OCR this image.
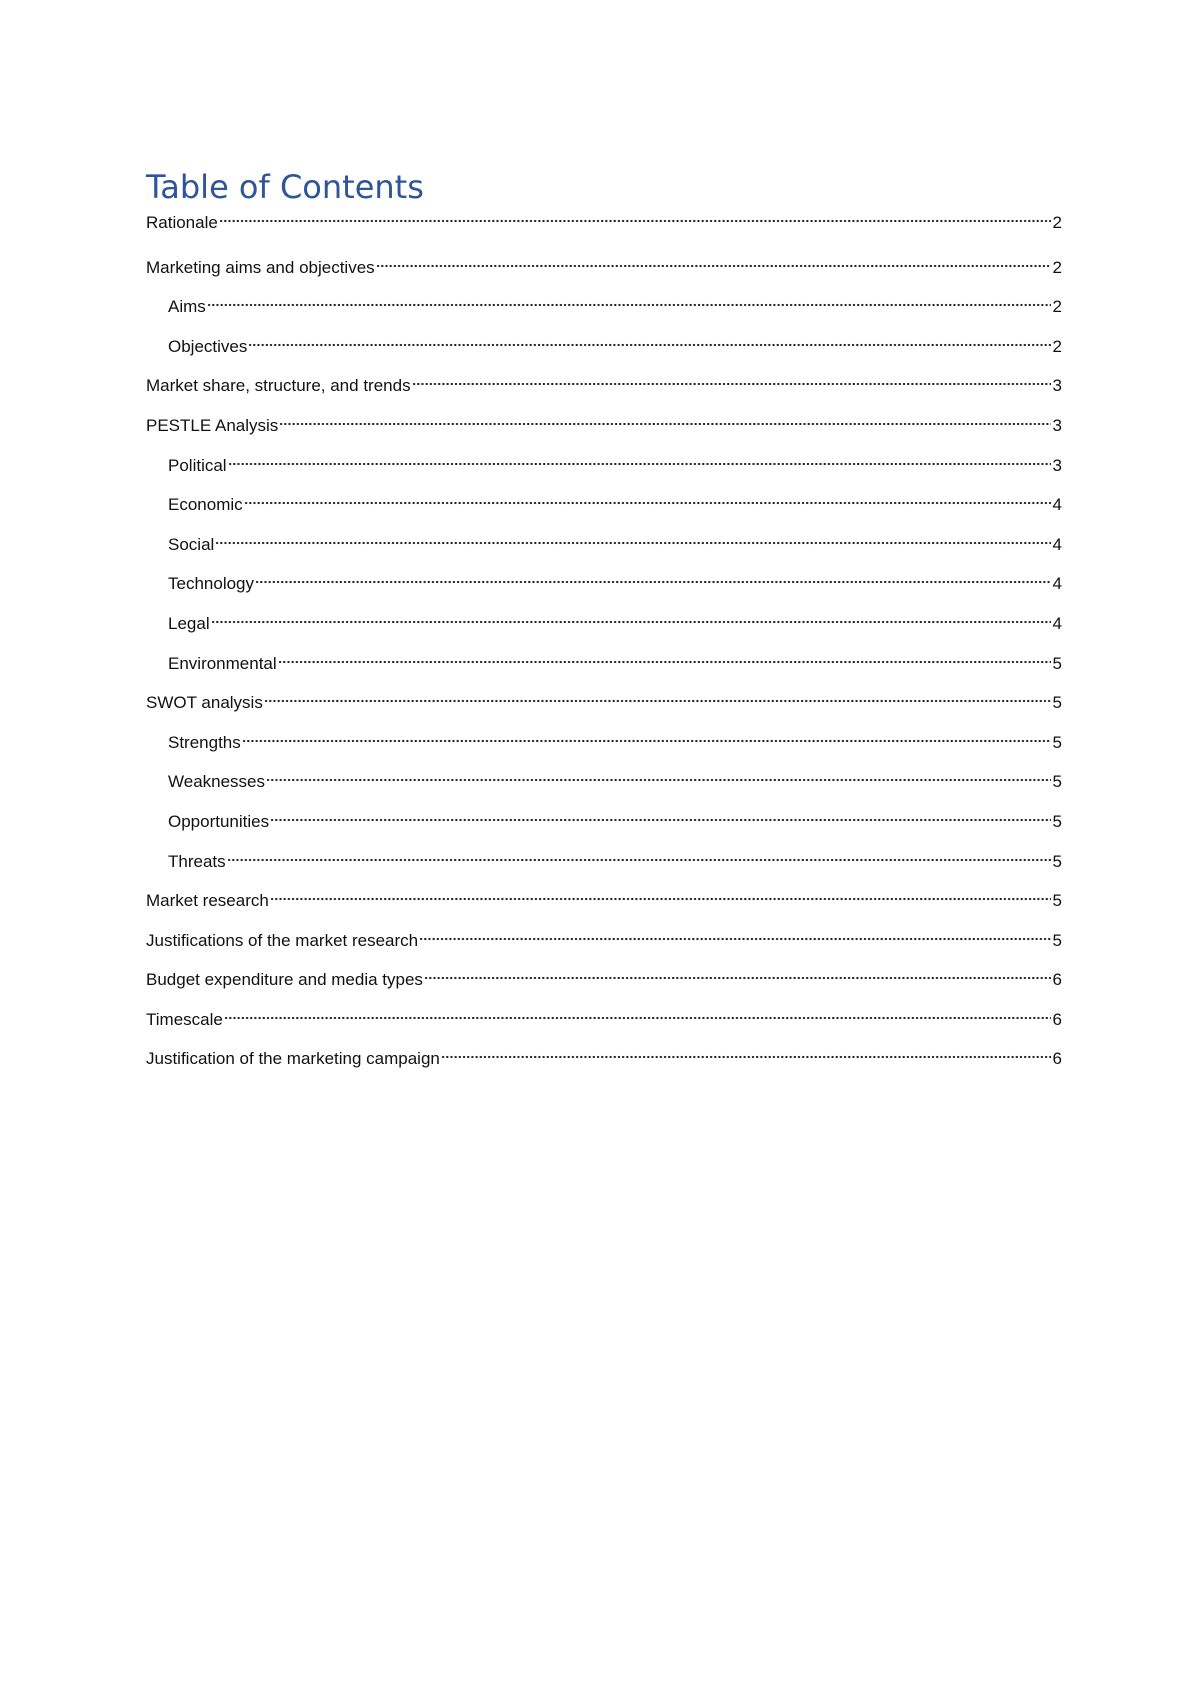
Table of Contents
Rationale	2
Marketing aims and objectives	2
Aims	2
Objectives	2
Market share, structure, and trends	3
PESTLE Analysis	3
Political	3
Economic	4
Social	4
Technology	4
Legal	4
Environmental	5
SWOT analysis	5
Strengths	5
Weaknesses	5
Opportunities	5
Threats	5
Market research	5
Justifications of the market research	5
Budget expenditure and media types	6
Timescale	6
Justification of the marketing campaign	6
